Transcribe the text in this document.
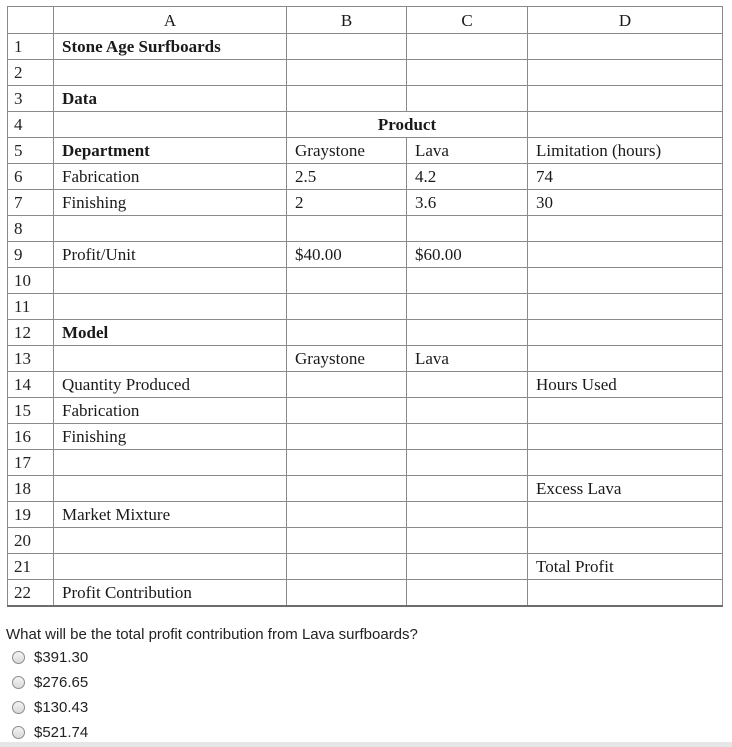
	A	B	C	D
1	Stone Age Surfboards			
2				
3	Data			
4		Product		
5	Department	Graystone	Lava	Limitation (hours)
6	Fabrication	2.5	4.2	74
7	Finishing	2	3.6	30
8				
9	Profit/Unit	$40.00	$60.00	
10				
11				
12	Model			
13		Graystone	Lava	
14	Quantity Produced			Hours Used
15	Fabrication			
16	Finishing			
17				
18				Excess Lava
19	Market Mixture			
20				
21				Total Profit
22	Profit Contribution			
What will be the total profit contribution from Lava surfboards?
$391.30
$276.65
$130.43
$521.74
